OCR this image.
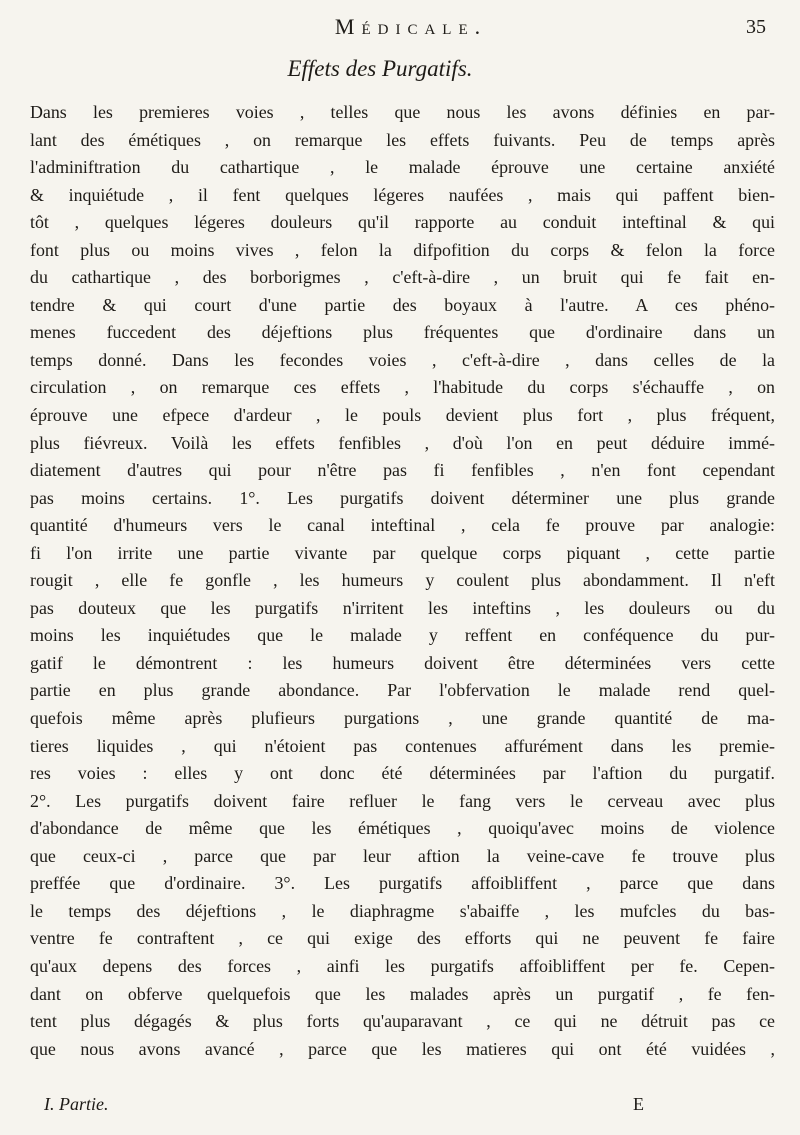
Médicale.	35
Effets des Purgatifs.
Dans les premieres voies , telles que nous les avons définies en par-
lant des émétiques , on remarque les effets fuivants. Peu de temps après
l'adminiftration du cathartique , le malade éprouve une certaine anxiété
& inquiétude , il fent quelques légeres naufées , mais qui paffent bien-
tôt , quelques légeres douleurs qu'il rapporte au conduit inteftinal & qui
font plus ou moins vives , felon la difpofition du corps & felon la force
du cathartique , des borborigmes , c'eft-à-dire , un bruit qui fe fait en-
tendre & qui court d'une partie des boyaux à l'autre. A ces phéno-
menes fuccedent des déjeftions plus fréquentes que d'ordinaire dans un
temps donné. Dans les fecondes voies , c'eft-à-dire , dans celles de la
circulation , on remarque ces effets , l'habitude du corps s'échauffe , on
éprouve une efpece d'ardeur , le pouls devient plus fort , plus fréquent,
plus fiévreux. Voilà les effets fenfibles , d'où l'on en peut déduire immé-
diatement d'autres qui pour n'être pas fi fenfibles , n'en font cependant
pas moins certains. 1°. Les purgatifs doivent déterminer une plus grande
quantité d'humeurs vers le canal inteftinal , cela fe prouve par analogie:
fi l'on irrite une partie vivante par quelque corps piquant , cette partie
rougit , elle fe gonfle , les humeurs y coulent plus abondamment. Il n'eft
pas douteux que les purgatifs n'irritent les inteftins , les douleurs ou du
moins les inquiétudes que le malade y reffent en conféquence du pur-
gatif le démontrent : les humeurs doivent être déterminées vers cette
partie en plus grande abondance. Par l'obfervation le malade rend quel-
quefois même après plufieurs purgations , une grande quantité de ma-
tieres liquides , qui n'étoient pas contenues affurément dans les premie-
res voies : elles y ont donc été déterminées par l'aftion du purgatif.
2°. Les purgatifs doivent faire refluer le fang vers le cerveau avec plus
d'abondance de même que les émétiques , quoiqu'avec moins de violence
que ceux-ci , parce que par leur aftion la veine-cave fe trouve plus
preffée que d'ordinaire. 3°. Les purgatifs affoibliffent , parce que dans
le temps des déjeftions , le diaphragme s'abaiffe , les mufcles du bas-
ventre fe contraftent , ce qui exige des efforts qui ne peuvent fe faire
qu'aux depens des forces , ainfi les purgatifs affoibliffent per fe. Cepen-
dant on obferve quelquefois que les malades après un purgatif , fe fen-
tent plus dégagés & plus forts qu'auparavant , ce qui ne détruit pas ce
que nous avons avancé , parce que les matieres qui ont été vuidées ,
I. Partie.	E
